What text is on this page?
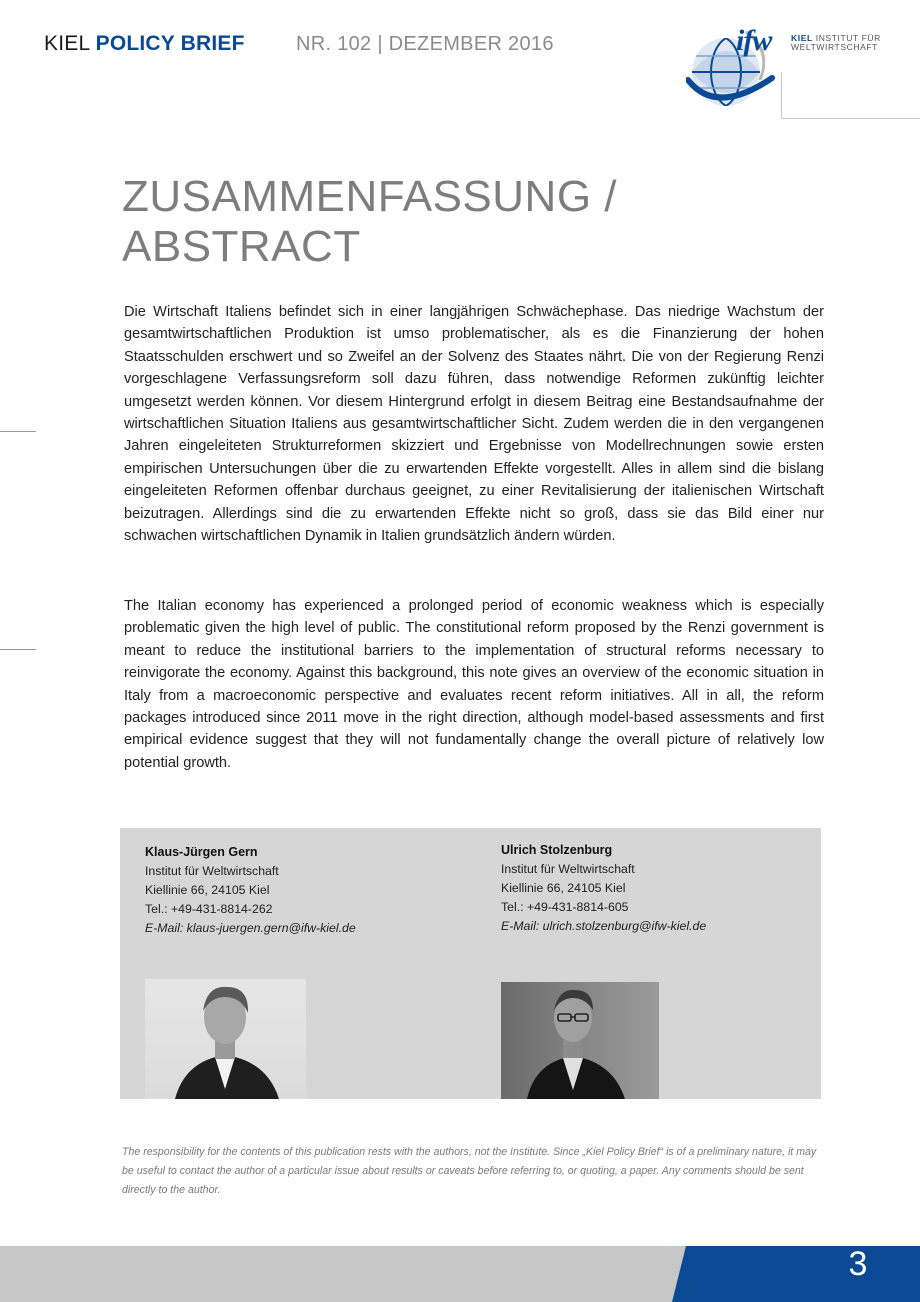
KIEL POLICY BRIEF	NR. 102 | DEZEMBER 2016	ifw KIEL INSTITUT FÜR
WELTWIRTSCHAFT
ZUSAMMENFASSUNG /
ABSTRACT

Die Wirtschaft Italiens befindet sich in einer langjährigen Schwächephase. Das niedrige Wachstum der gesamtwirtschaftlichen Produktion ist umso problematischer, als es die Finanzierung der hohen Staatsschulden erschwert und so Zweifel an der Solvenz des Staates nährt. Die von der Regierung Renzi vorgeschlagene Verfassungsreform soll dazu führen, dass notwendige Reformen zukünftig leichter umgesetzt werden können. Vor diesem Hintergrund erfolgt in diesem Beitrag eine Bestandsaufnahme der wirtschaftlichen Situation Italiens aus gesamtwirtschaftlicher Sicht. Zudem werden die in den vergangenen Jahren eingeleiteten Strukturreformen skizziert und Ergebnisse von Modellrechnungen sowie ersten empirischen Untersuchungen über die zu erwartenden Effekte vorgestellt. Alles in allem sind die bislang eingeleiteten Reformen offenbar durchaus geeignet, zu einer Revitalisierung der italienischen Wirtschaft beizutragen. Allerdings sind die zu erwartenden Effekte nicht so groß, dass sie das Bild einer nur schwachen wirtschaftlichen Dynamik in Italien grundsätzlich ändern würden.

The Italian economy has experienced a prolonged period of economic weakness which is especially problematic given the high level of public. The constitutional reform proposed by the Renzi government is meant to reduce the institutional barriers to the implementation of structural reforms necessary to reinvigorate the economy. Against this background, this note gives an overview of the economic situation in Italy from a macroeconomic perspective and evaluates recent reform initiatives. All in all, the reform packages introduced since 2011 move in the right direction, although model-based assessments and first empirical evidence suggest that they will not fundamentally change the overall picture of relatively low potential growth.

Klaus-Jürgen Gern
Institut für Weltwirtschaft
Kiellinie 66, 24105 Kiel
Tel.: +49-431-8814-262
E-Mail: klaus-juergen.gern@ifw-kiel.de
Ulrich Stolzenburg
Institut für Weltwirtschaft
Kiellinie 66, 24105 Kiel
Tel.: +49-431-8814-605
E-Mail: ulrich.stolzenburg@ifw-kiel.de

The responsibility for the contents of this publication rests with the authors, not the Institute. Since „Kiel Policy Brief“ is of a preliminary nature, it may be useful to contact the author of a particular issue about results or caveats before referring to, or quoting, a paper. Any comments should be sent directly to the author.

3
